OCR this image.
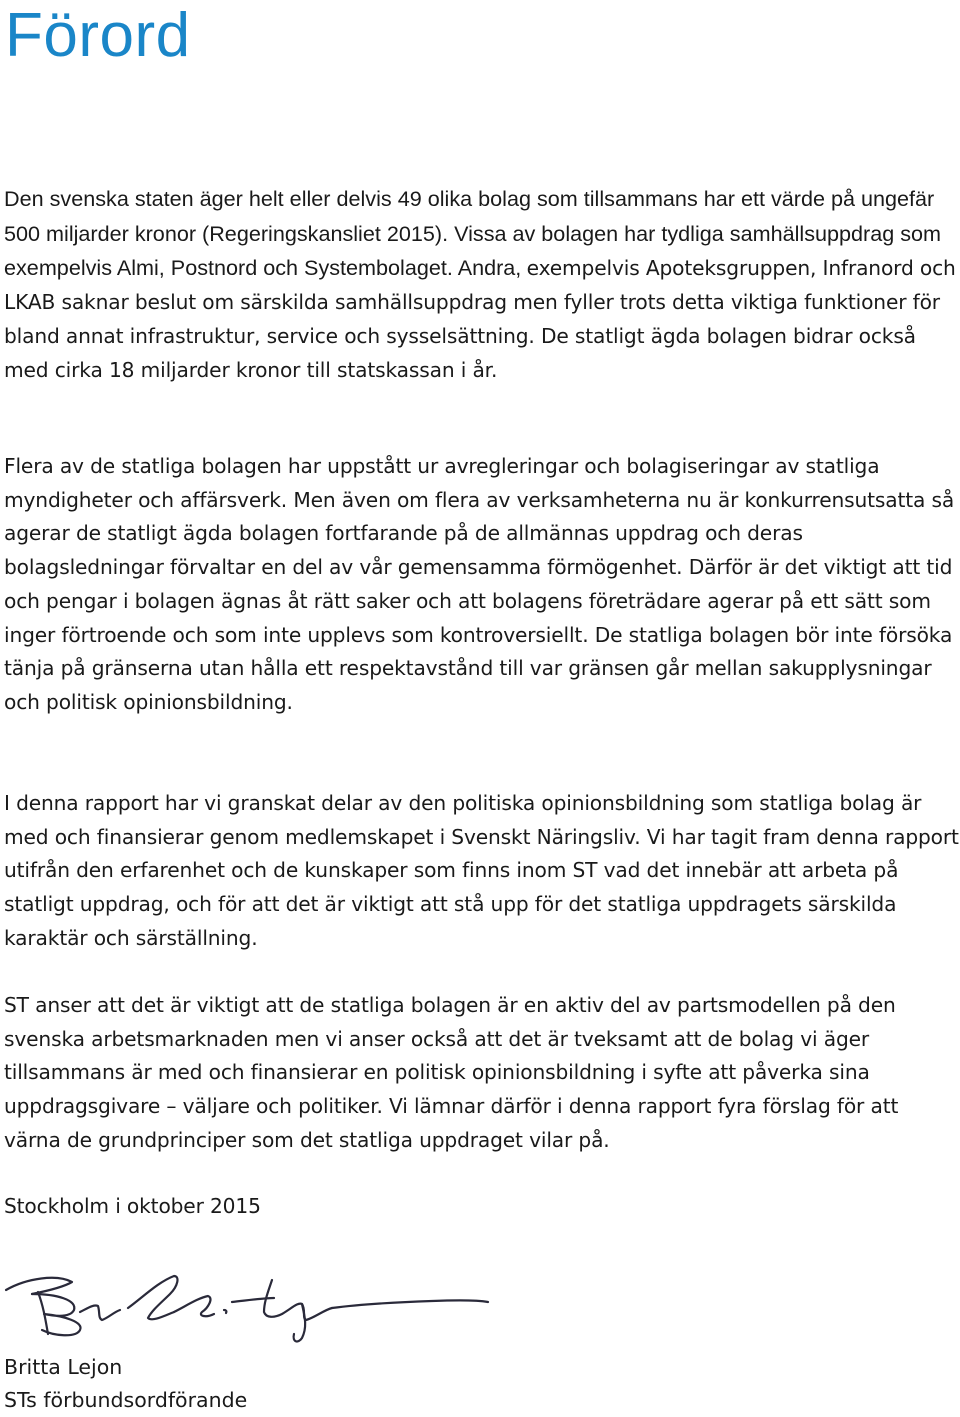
Förord

Den svenska staten äger helt eller delvis 49 olika bolag som tillsammans har ett värde på ungefär 500 miljarder kronor (Regeringskansliet 2015). Vissa av bolagen har tydliga samhällsuppdrag som exempelvis Almi, Postnord och Systembolaget. Andra, exempelvis Apoteksgruppen, Infranord och LKAB saknar beslut om särskilda samhällsuppdrag men fyller trots detta viktiga funktioner för bland annat infrastruktur, service och sysselsättning. De statligt ägda bolagen bidrar också med cirka 18 miljarder kronor till statskassan i år.

Flera av de statliga bolagen har uppstått ur avregleringar och bolagiseringar av statliga myndigheter och affärsverk. Men även om flera av verksamheterna nu är konkurrensutsatta så agerar de statligt ägda bolagen fortfarande på de allmännas uppdrag och deras bolagsledningar förvaltar en del av vår gemensamma förmögenhet. Därför är det viktigt att tid och pengar i bolagen ägnas åt rätt saker och att bolagens företrädare agerar på ett sätt som inger förtroende och som inte upplevs som kontroversiellt. De statliga bolagen bör inte försöka tänja på gränserna utan hålla ett respektavstånd till var gränsen går mellan sakupplysningar och politisk opinionsbildning.

I denna rapport har vi granskat delar av den politiska opinionsbildning som statliga bolag är med och finansierar genom medlemskapet i Svenskt Näringsliv. Vi har tagit fram denna rapport utifrån den erfarenhet och de kunskaper som finns inom ST vad det innebär att arbeta på statligt uppdrag, och för att det är viktigt att stå upp för det statliga uppdragets särskilda karaktär och särställning.

ST anser att det är viktigt att de statliga bolagen är en aktiv del av partsmodellen på den svenska arbetsmarknaden men vi anser också att det är tveksamt att de bolag vi äger tillsammans är med och finansierar en politisk opinionsbildning i syfte att påverka sina uppdragsgivare – väljare och politiker. Vi lämnar därför i denna rapport fyra förslag för att värna de grundprinciper som det statliga uppdraget vilar på.

Stockholm i oktober 2015

Britta Lejon

STs förbundsordförande
